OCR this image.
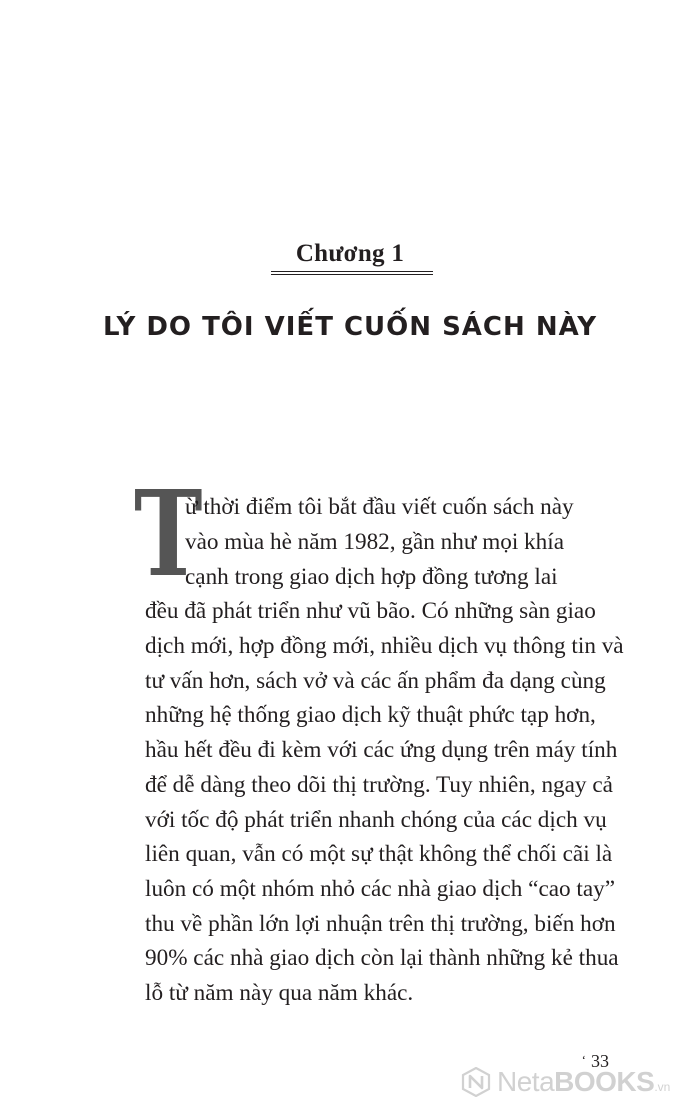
Chương 1
LÝ DO TÔI VIẾT CUỐN SÁCH NÀY
T
ừ thời điểm tôi bắt đầu viết cuốn sách này
vào mùa hè năm 1982, gần như mọi khía
cạnh trong giao dịch hợp đồng tương lai
đều đã phát triển như vũ bão. Có những sàn giao
dịch mới, hợp đồng mới, nhiều dịch vụ thông tin và
tư vấn hơn, sách vở và các ấn phẩm đa dạng cùng
những hệ thống giao dịch kỹ thuật phức tạp hơn,
hầu hết đều đi kèm với các ứng dụng trên máy tính
để dễ dàng theo dõi thị trường. Tuy nhiên, ngay cả
với tốc độ phát triển nhanh chóng của các dịch vụ
liên quan, vẫn có một sự thật không thể chối cãi là
luôn có một nhóm nhỏ các nhà giao dịch “cao tay”
thu về phần lớn lợi nhuận trên thị trường, biến hơn
90% các nhà giao dịch còn lại thành những kẻ thua
lỗ từ năm này qua năm khác.
‘ 33
NetaBOOKS.vn
